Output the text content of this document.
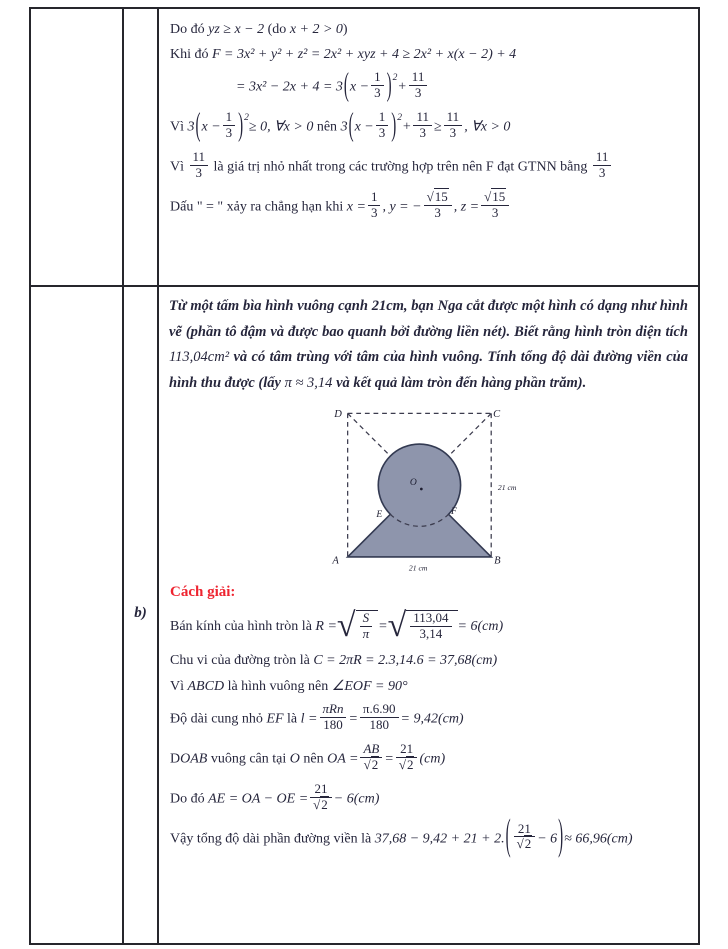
Do đó yz ≥ x − 2 (do x + 2 > 0)
Khi đó F = 3x² + y² + z² = 2x² + xyz + 4 ≥ 2x² + x(x − 2) + 4
= $3x^2 - 2x + 4 = 3(x - \frac{1}{3} )^2+ \frac{11}{3}$
Vì $3(x - \frac{1}{3} )^2\ge 0$, ∀x > 0 nên $3(x - \frac{1}{3} )^2+ \frac{11}{3} \ge \frac{11}{3}$ , ∀x > 0
Vì $\frac{11}{3}$ là giá trị nhỏ nhất trong các trường hợp trên nên F đạt GTNN bằng $\frac{11}{3}$
Dấu " = " xảy ra chẳng hạn khi $x = \frac{1}{3}$ , y = − $\frac{√15}{3}$ , $z = \frac{√15}{3}$
b)
Từ một tấm bìa hình vuông cạnh 21cm, bạn Nga cắt được một hình có dạng như hình vẽ (phần tô đậm và được bao quanh bởi đường liền nét). Biết rằng hình tròn diện tích 113,04cm² và có tâm trùng với tâm của hình vuông. Tính tổng độ dài đường viền của hình thu được (lấy π ≈ 3,14 và kết quả làm tròn đến hàng phần trăm).
D	C
A	B
O
E	F
21 cm
21 cm
Cách giải:
Bán kính của hình tròn là R = √ $\frac{S}{\pi}$ = √ $\frac{113,04}{3,14} = 6(cm)$
Chu vi của đường tròn là C = 2πR = 2.3,14.6 = 37,68(cm)
Vì ABCD là hình vuông nên ∠EOF = 90°
Độ dài cung nhỏ EF là l =
πRn
$180 = \frac{\pi.6.90}{180} = 9,42(cm)$
DOAB vuông cân tại O nên OA = $\frac{AB}{√2} = \frac{21}{√2} (cm)$
Do đó AE = OA − OE = $\frac{21}{√2} - 6(cm)$
Vậy tổng độ dài phần đường viền là $37,68 - 9,42 + 21 + 2.( \frac{21}{√2} - 6)\approx 66,96(cm)$
